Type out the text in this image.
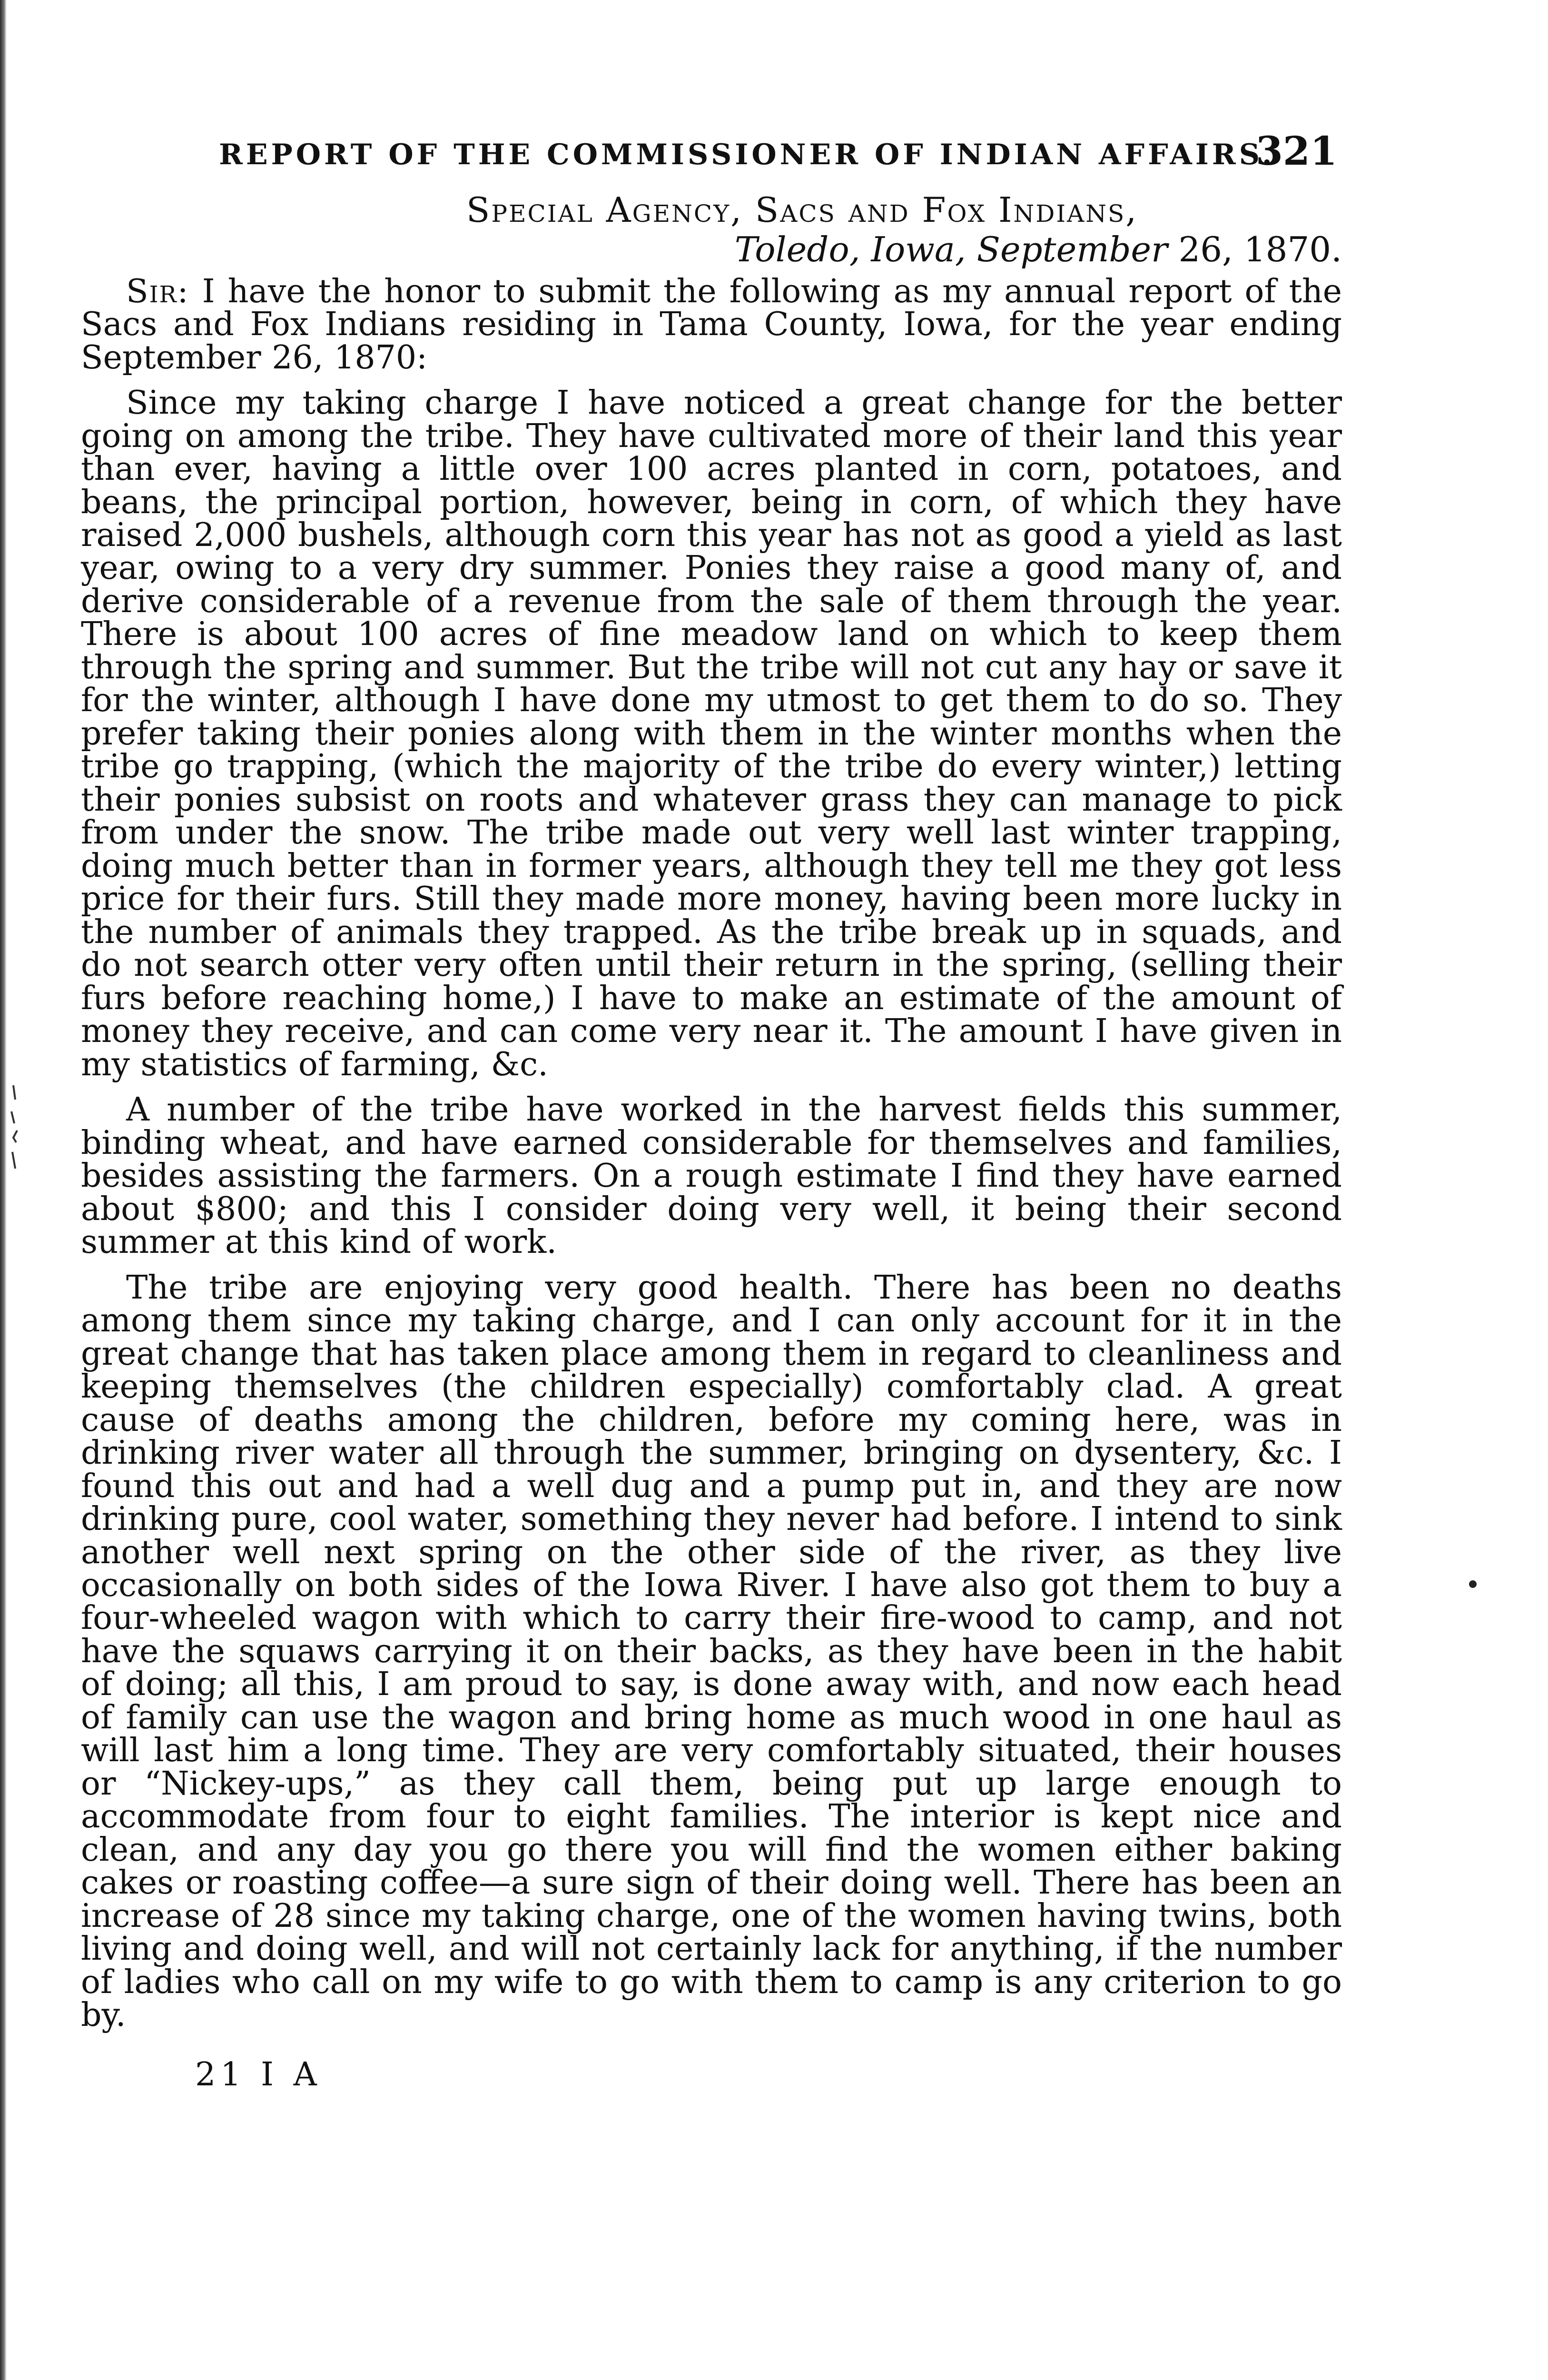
REPORT OF THE COMMISSIONER OF INDIAN AFFAIRS.
321
Special Agency, Sacs and Fox Indians,
Toledo, Iowa, September 26, 1870.

Sir: I have the honor to submit the following as my annual report of the Sacs and Fox Indians residing in Tama County, Iowa, for the year ending September 26, 1870:

Since my taking charge I have noticed a great change for the better going on among the tribe. They have cultivated more of their land this year than ever, having a little over 100 acres planted in corn, potatoes, and beans, the principal portion, however, being in corn, of which they have raised 2,000 bushels, although corn this year has not as good a yield as last year, owing to a very dry summer. Ponies they raise a good many of, and derive considerable of a revenue from the sale of them through the year. There is about 100 acres of fine meadow land on which to keep them through the spring and summer. But the tribe will not cut any hay or save it for the winter, although I have done my utmost to get them to do so. They prefer taking their ponies along with them in the winter months when the tribe go trapping, (which the majority of the tribe do every winter,) letting their ponies subsist on roots and whatever grass they can manage to pick from under the snow. The tribe made out very well last winter trapping, doing much better than in former years, although they tell me they got less price for their furs. Still they made more money, having been more lucky in the number of animals they trapped. As the tribe break up in squads, and do not search otter very often until their return in the spring, (selling their furs before reaching home,) I have to make an estimate of the amount of money they receive, and can come very near it. The amount I have given in my statistics of farming, &c.

A number of the tribe have worked in the harvest fields this summer, binding wheat, and have earned considerable for themselves and families, besides assisting the farmers. On a rough estimate I find they have earned about $800; and this I consider doing very well, it being their second summer at this kind of work.

The tribe are enjoying very good health. There has been no deaths among them since my taking charge, and I can only account for it in the great change that has taken place among them in regard to cleanliness and keeping themselves (the children especially) comfortably clad. A great cause of deaths among the children, before my coming here, was in drinking river water all through the summer, bringing on dysentery, &c. I found this out and had a well dug and a pump put in, and they are now drinking pure, cool water, something they never had before. I intend to sink another well next spring on the other side of the river, as they live occasionally on both sides of the Iowa River. I have also got them to buy a four-wheeled wagon with which to carry their fire-wood to camp, and not have the squaws carrying it on their backs, as they have been in the habit of doing; all this, I am proud to say, is done away with, and now each head of family can use the wagon and bring home as much wood in one haul as will last him a long time. They are very comfortably situated, their houses or “Nickey-ups,” as they call them, being put up large enough to accommodate from four to eight families. The interior is kept nice and clean, and any day you go there you will find the women either baking cakes or roasting coffee—a sure sign of their doing well. There has been an increase of 28 since my taking charge, one of the women having twins, both living and doing well, and will not certainly lack for anything, if the number of ladies who call on my wife to go with them to camp is any criterion to go by.

21 I A
